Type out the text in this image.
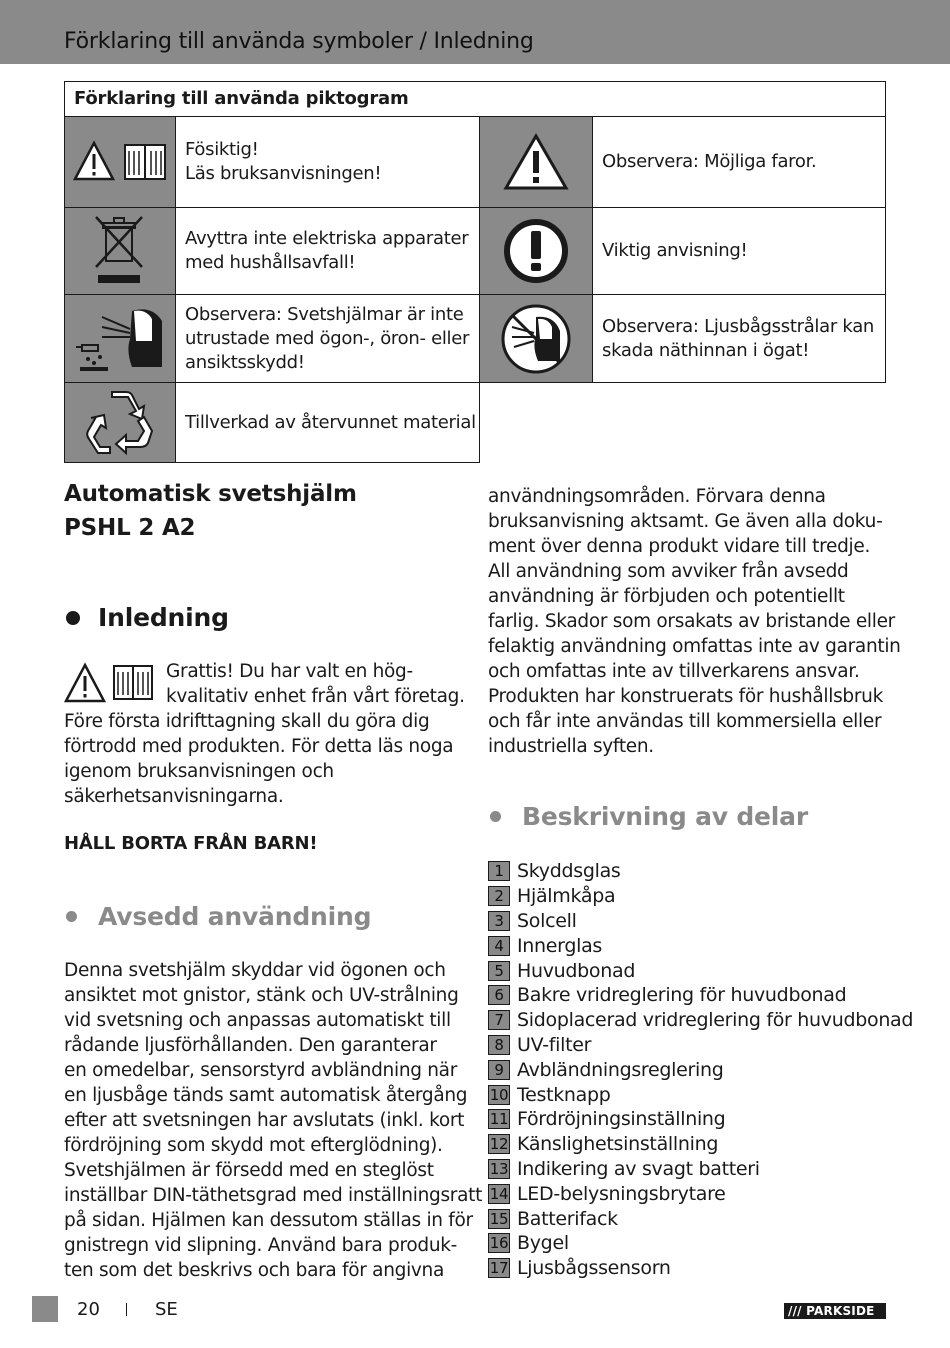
Förklaring till använda symboler / Inledning
Förklaring till använda piktogram
Fösiktig!
Läs bruksanvisningen!
Avyttra inte elektriska apparater
med hushållsavfall!
Observera: Svetshjälmar är inte
utrustade med ögon-, öron- eller
ansiktsskydd!
Tillverkad av återvunnet material
Observera: Möjliga faror.
Viktig anvisning!
Observera: Ljusbågsstrålar kan
skada näthinnan i ögat!
Automatisk svetshjälm
PSHL 2 A2
Inledning
Grattis! Du har valt en hög-
kvalitativ enhet från vårt företag.
Före första idrifttagning skall du göra dig
förtrodd med produkten. För detta läs noga
igenom bruksanvisningen och
säkerhetsanvisningarna.
HÅLL BORTA FRÅN BARN!
Avsedd användning
Denna svetshjälm skyddar vid ögonen och
ansiktet mot gnistor, stänk och UV-strålning
vid svetsning och anpassas automatiskt till
rådande ljusförhållanden. Den garanterar
en omedelbar, sensorstyrd avbländning när
en ljusbåge tänds samt automatisk återgång
efter att svetsningen har avslutats (inkl. kort
fördröjning som skydd mot efterglödning).
Svetshjälmen är försedd med en steglöst
inställbar DIN-täthetsgrad med inställningsratt
på sidan. Hjälmen kan dessutom ställas in för
gnistregn vid slipning. Använd bara produk-
ten som det beskrivs och bara för angivna
användningsområden. Förvara denna
bruksanvisning aktsamt. Ge även alla doku-
ment över denna produkt vidare till tredje.
All användning som avviker från avsedd
användning är förbjuden och potentiellt
farlig. Skador som orsakats av bristande eller
felaktig användning omfattas inte av garantin
och omfattas inte av tillverkarens ansvar.
Produkten har konstruerats för hushållsbruk
och får inte användas till kommersiella eller
industriella syften.
Beskrivning av delar
1 Skyddsglas
2 Hjälmkåpa
3 Solcell
4 Innerglas
5 Huvudbonad
6 Bakre vridreglering för huvudbonad
7 Sidoplacerad vridreglering för huvudbonad
8 UV-filter
9 Avbländningsreglering
10 Testknapp
11 Fördröjningsinställning
12 Känslighetsinställning
13 Indikering av svagt batteri
14 LED-belysningsbrytare
15 Batterifack
16 Bygel
17 Ljusbågssensorn
20	SE	/// PARKSIDE
